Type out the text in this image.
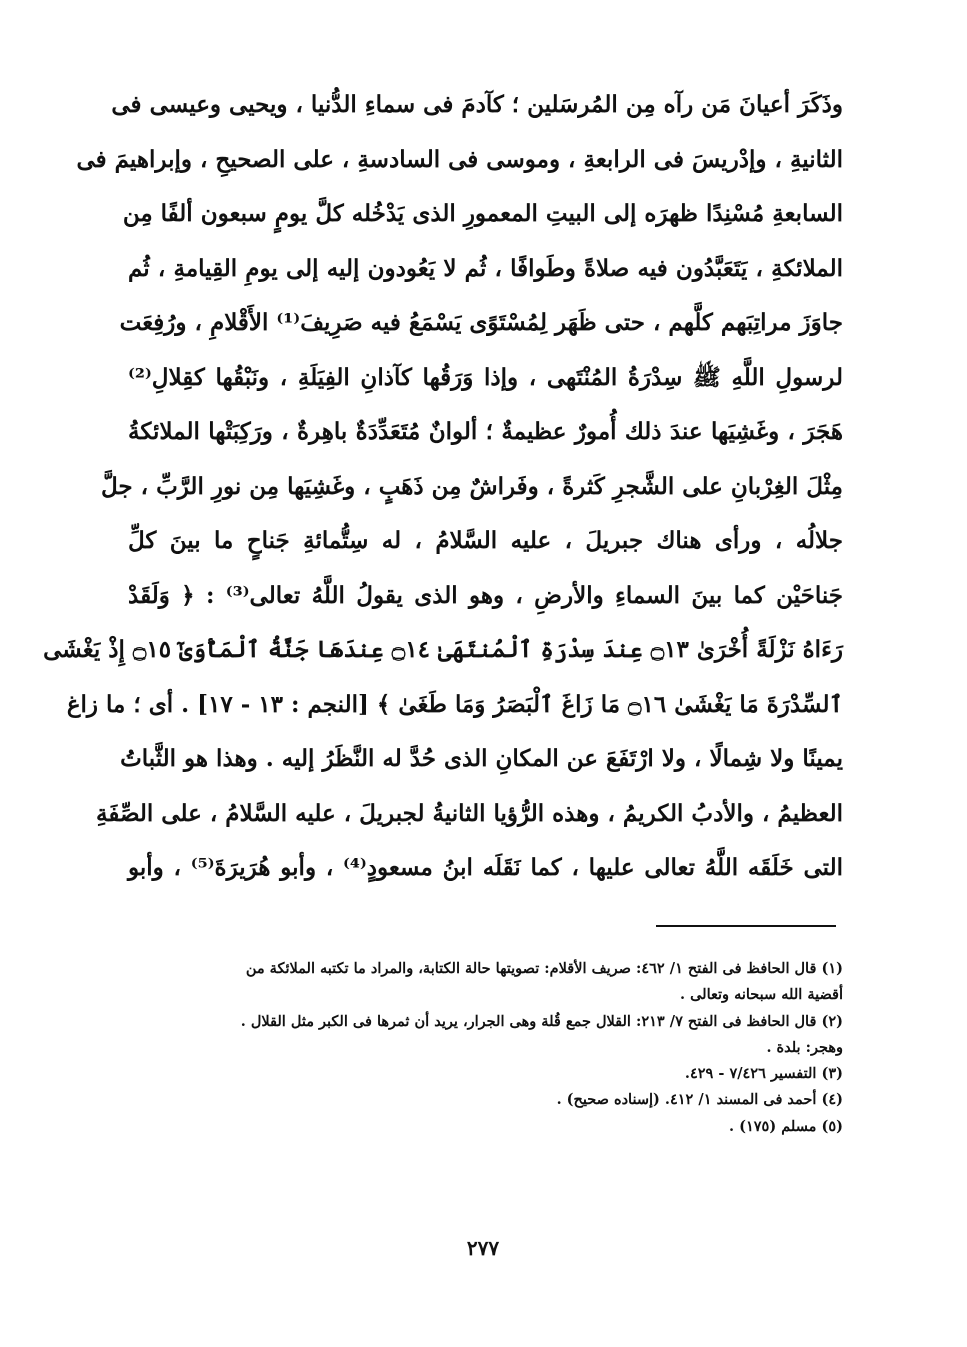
وذَكَرَ أعيانَ مَن رآه مِن المُرسَلين ؛ كآدمَ فى سماءِ الدُّنيا ، ويحيى وعيسى فى
الثانيةِ ، وإدْريسَ فى الرابعةِ ، وموسى فى السادسةِ ، على الصحيحِ ، وإبراهيمَ فى
السابعةِ مُسْنِدًا ظهرَه إلى البيتِ المعمورِ الذى يَدْخُله كلَّ يومٍ سبعون ألفًا مِن
الملائكةِ ، يَتَعَبَّدُون فيه صلاةً وطَوافًا ، ثُم لا يَعُودون إليه إلى يومِ القِيامةِ ، ثُم
جاوَزَ مراتِبَهم كلَّهم ، حتى ظَهَر لِمُسْتَوًى يَسْمَعُ فيه صَرِيفَ⁽¹⁾ الأَقْلامِ ، ورُفِعَت
لرسولِ اللَّهِ ﷺ سِدْرَةُ المُنْتَهى ، وإذا وَرَقُها كآذانِ الفِيَلَةِ ، ونَبْقُها كقِلالِ⁽²⁾
هَجَرَ ، وغَشِيَها عندَ ذلك أُمورٌ عظيمةٌ ؛ ألوانٌ مُتَعَدِّدَةٌ باهِرةٌ ، ورَكِبَتْها الملائكةُ
مِثْلَ الغِرْبانِ على الشَّجرِ كَثرةً ، وفَراشٌ مِن ذَهَبٍ ، وغَشِيَها مِن نورِ الرَّبِّ ، جلَّ
جلالُه ، ورأى هناك جبريلَ ، عليه السَّلامُ ، له سِتُّمائةِ جَناحٍ ما بينَ كلِّ
جَناحَيْن كما بينَ السماءِ والأرضِ ، وهو الذى يقولُ اللَّهُ تعالى⁽³⁾ : ﴿ وَلَقَدْ
رَءَاهُ نَزْلَةً أُخْرَىٰ ۝١٣ عِندَ سِدْرَةِ ٱلْمُنتَهَىٰ ۝١٤ عِندَهَا جَنَّةُ ٱلْمَأْوَىٰٓ ۝١٥ إِذْ يَغْشَى
ٱلسِّدْرَةَ مَا يَغْشَىٰ ۝١٦ مَا زَاغَ ٱلْبَصَرُ وَمَا طَغَىٰ ﴾ [النجم : ١٣ - ١٧] . أى ؛ ما زاغ
يمينًا ولا شِمالًا ، ولا ارْتَفَعَ عن المكانِ الذى حُدَّ له النَّظَرُ إليه . وهذا هو الثَّباتُ
العظيمُ ، والأدبُ الكريمُ ، وهذه الرُّؤيا الثانيةُ لجبريلَ ، عليه السَّلامُ ، على الصِّفَةِ
التى خَلَقَه اللَّهُ تعالى عليها ، كما نَقَلَه ابنُ مسعودٍ⁽⁴⁾ ، وأبو هُرَيرَةَ⁽⁵⁾ ، وأبو
(١) قال الحافظ فى الفتح ١/ ٤٦٢: صريف الأقلام: تصويتها حالة الكتابة، والمراد ما تكتبه الملائكة من
أقضية الله سبحانه وتعالى .
(٢) قال الحافظ فى الفتح ٧/ ٢١٣: القلال جمع قُلة وهى الجرار، يريد أن ثمرها فى الكبر مثل القلال .
وهجر: بلدة .
(٣) التفسير ٧/٤٢٦ - ٤٢٩.
(٤) أحمد فى المسند ١/ ٤١٢. (إسناده صحيح) .
(٥) مسلم (١٧٥) .
٢٧٧
